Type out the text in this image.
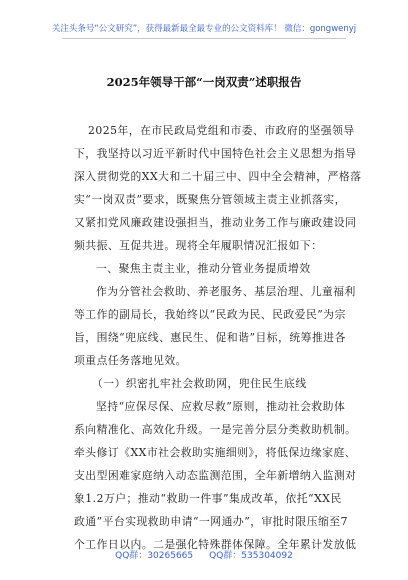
关注头条号“公文研究”，获得最新最全最专业的公文资料库！ 微信：gongwenyj
2025年领导干部“一岗双责”述职报告
2025年，在市民政局党组和市委、市政府的坚强领导
下，我坚持以习近平新时代中国特色社会主义思想为指导
深入贯彻党的XX大和二十届三中、四中全会精神，严格落
实“一岗双责”要求，既聚焦分管领域主责主业抓落实，
又紧扣党风廉政建设强担当，推动业务工作与廉政建设同
频共振、互促共进。现将全年履职情况汇报如下：
一、聚焦主责主业，推动分管业务提质增效
作为分管社会救助、养老服务、基层治理、儿童福利
等工作的副局长，我始终以“民政为民、民政爱民”为宗
旨，围绕“兜底线、惠民生、促和谐”目标，统筹推进各
项重点任务落地见效。
（一）织密扎牢社会救助网，兜住民生底线
坚持“应保尽保、应救尽救”原则，推动社会救助体
系向精准化、高效化升级。一是完善分层分类救助机制。
牵头修订《XX市社会救助实施细则》，将低保边缘家庭、
支出型困难家庭纳入动态监测范围，全年新增纳入监测对
象1.2万户；推动“救助一件事”集成改革，依托“XX民
政通”平台实现救助申请“一网通办”，审批时限压缩至7
个工作日以内。二是强化特殊群体保障。全年累计发放低
QQ群：30265665 QQ群：535304092
